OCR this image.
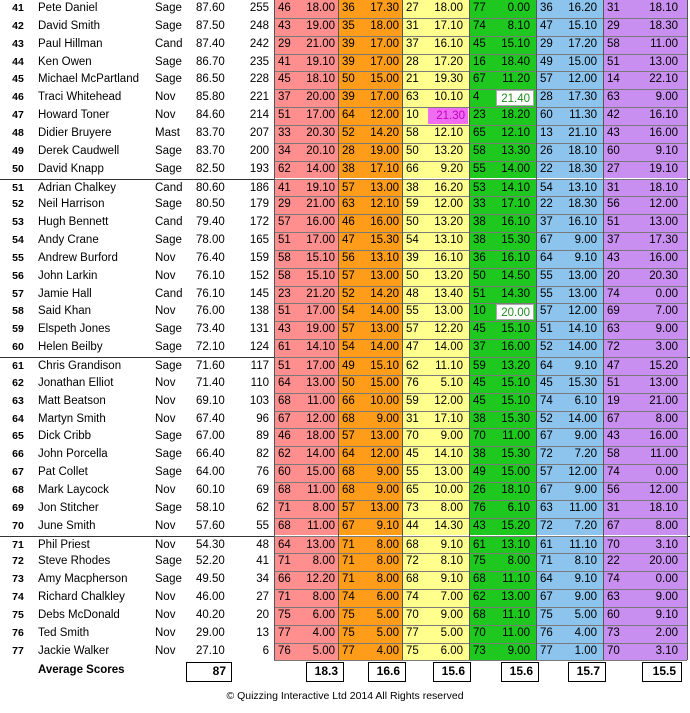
41	Pete Daniel	Sage	87.60	255 46	18.00 36	17.30 27	18.00 77	0.00 36	16.20 31	18.10
42	David Smith	Sage	87.50	248 43	19.00 35	18.00 31	17.10 74	8.10 47	15.10 29	18.30
43	Paul Hillman	Cand	87.40	242 29	21.00 39	17.00 37	16.10 45	15.10 29	17.20 58	11.00
44	Ken Owen	Sage	86.70	235 41	19.10 39	17.00 28	17.20 16	18.40 49	15.00 51	13.00
45	Michael McPartland	Sage	86.50	228 45	18.10 50	15.00 21	19.30 67	11.20 57	12.00 14	22.10
46	Traci Whitehead	Nov	85.80	221 37	20.00 39	17.00 63	10.10 4	21.40 28	17.30 63	9.00
47	Howard Toner	Nov	84.60	214 51	17.00 64	12.00 10	21.30 23	18.20 60	11.30 42	16.10
48	Didier Bruyere	Mast	83.70	207 33	20.30 52	14.20 58	12.10 65	12.10 13	21.10 43	16.00
49	Derek Caudwell	Sage	83.70	200 34	20.10 28	19.00 50	13.20 58	13.30 26	18.10 60	9.10
50	David Knapp	Sage	82.50	193 62	14.00 38	17.10 66	9.20 55	14.00 22	18.30 27	19.10
51	Adrian Chalkey	Cand	80.60	186 41	19.10 57	13.00 38	16.20 53	14.10 54	13.10 31	18.10
52	Neil Harrison	Sage	80.50	179 29	21.00 63	12.10 59	12.00 33	17.10 22	18.30 56	12.00
53	Hugh Bennett	Cand	79.40	172 57	16.00 46	16.00 50	13.20 38	16.10 37	16.10 51	13.00
54	Andy Crane	Sage	78.00	165 51	17.00 47	15.30 54	13.10 38	15.30 67	9.00 37	17.30
55	Andrew Burford	Nov	76.40	159 58	15.10 56	13.10 39	16.10 36	16.10 64	9.10 43	16.00
56	John Larkin	Nov	76.10	152 58	15.10 57	13.00 50	13.20 50	14.50 55	13.00 20	20.30
57	Jamie Hall	Cand	76.10	145 23	21.20 52	14.20 48	13.40 51	14.30 55	13.00 74	0.00
58	Said Khan	Nov	76.00	138 51	17.00 54	14.00 55	13.00 10	20.00 57	12.00 69	7.00
59	Elspeth Jones	Sage	73.40	131 43	19.00 57	13.00 57	12.20 45	15.10 51	14.10 63	9.00
60	Helen Beilby	Sage	72.10	124 61	14.10 54	14.00 47	14.00 37	16.00 52	14.00 72	3.00
61	Chris Grandison	Sage	71.60	117 51	17.00 49	15.10 62	11.10 59	13.20 64	9.10 47	15.20
62	Jonathan Elliot	Nov	71.40	110 64	13.00 50	15.00 76	5.10 45	15.10 45	15.30 51	13.00
63	Matt Beatson	Nov	69.10	103 68	11.00 66	10.00 59	12.00 45	15.10 74	6.10 19	21.00
64	Martyn Smith	Nov	67.40	96 67	12.00 68	9.00 31	17.10 38	15.30 52	14.00 67	8.00
65	Dick Cribb	Sage	67.00	89 46	18.00 57	13.00 70	9.00 70	11.00 67	9.00 43	16.00
66	John Porcella	Sage	66.40	82 62	14.00 64	12.00 45	14.10 38	15.30 72	7.20 58	11.00
67	Pat Collet	Sage	64.00	76 60	15.00 68	9.00 55	13.00 49	15.00 57	12.00 74	0.00
68	Mark Laycock	Nov	60.10	69 68	11.00 68	9.00 65	10.00 26	18.10 67	9.00 56	12.00
69	Jon Stitcher	Sage	58.10	62 71	8.00 57	13.00 73	8.00 76	6.10 63	11.00 31	18.10
70	June Smith	Nov	57.60	55 68	11.00 67	9.10 44	14.30 43	15.20 72	7.20 67	8.00
71	Phil Priest	Nov	54.30	48 64	13.00 71	8.00 68	9.10 61	13.10 61	11.10 70	3.10
72	Steve Rhodes	Sage	52.20	41 71	8.00 71	8.00 72	8.10 75	8.00 71	8.10 22	20.00
73	Amy Macpherson	Sage	49.50	34 66	12.20 71	8.00 68	9.10 68	11.10 64	9.10 74	0.00
74	Richard Chalkley	Nov	46.00	27 71	8.00 74	6.00 74	7.00 62	13.00 67	9.00 63	9.00
75	Debs McDonald	Nov	40.20	20 75	6.00 75	5.00 70	9.00 68	11.10 75	5.00 60	9.10
76	Ted Smith	Nov	29.00	13 77	4.00 75	5.00 77	5.00 70	11.00 76	4.00 73	2.00
77	Jackie Walker	Nov	27.10	6 76	5.00 77	4.00 75	6.00 73	9.00 77	1.00 70	3.10
Average Scores	87	18.3	16.6	15.6	15.6	15.7	15.5
© Quizzing Interactive Ltd 2014 All Rights reserved
